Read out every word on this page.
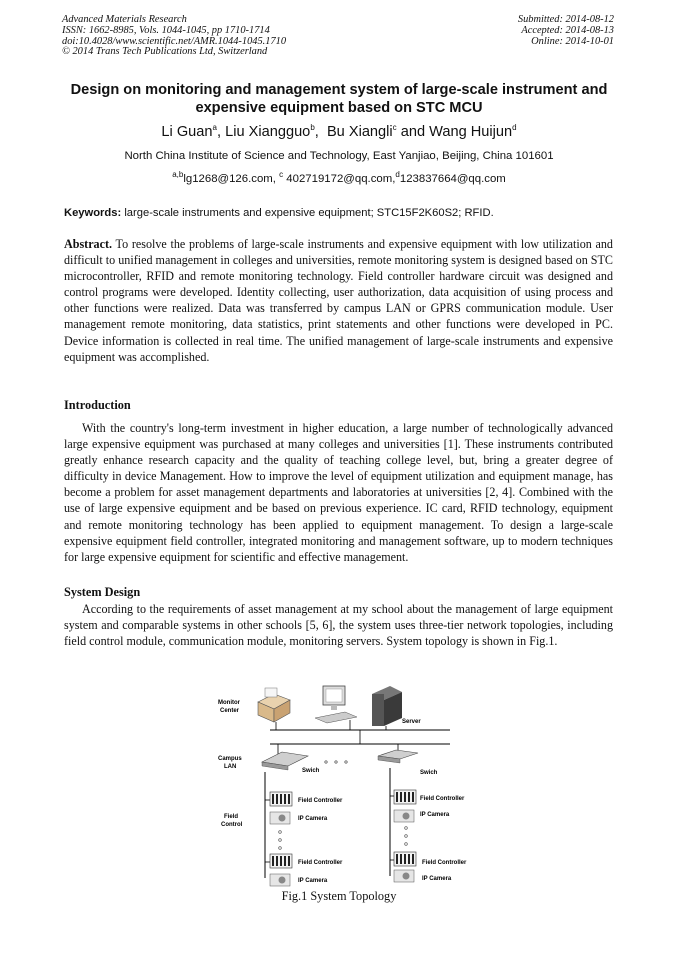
Advanced Materials Research
ISSN: 1662-8985, Vols. 1044-1045, pp 1710-1714
doi:10.4028/www.scientific.net/AMR.1044-1045.1710
© 2014 Trans Tech Publications Ltd, Switzerland
Submitted: 2014-08-12
Accepted: 2014-08-13
Online: 2014-10-01
Design on monitoring and management system of large-scale instrument and expensive equipment based on STC MCU
Li Guan$^a$, Liu Xiangguo$^b$,  Bu Xiangli$^c$ and Wang Huijun$^d$
North China Institute of Science and Technology, East Yanjiao, Beijing, China 101601
$^{a,b}$lg1268@126.com, $^c$ 402719172@qq.com,$^d$123837664@qq.com
Keywords: large-scale instruments and expensive equipment; STC15F2K60S2; RFID.
Abstract. To resolve the problems of large-scale instruments and expensive equipment with low utilization and difficult to unified management in colleges and universities, remote monitoring system is designed based on STC microcontroller, RFID and remote monitoring technology. Field controller hardware circuit was designed and control programs were developed. Identity collecting, user authorization, data acquisition of using process and other functions were realized. Data was transferred by campus LAN or GPRS communication module. User management remote monitoring, data statistics, print statements and other functions were developed in PC. Device information is collected in real time. The unified management of large-scale instruments and expensive equipment was accomplished.
Introduction
With the country's long-term investment in higher education, a large number of technologically advanced large expensive equipment was purchased at many colleges and universities [1]. These instruments contributed greatly enhance research capacity and the quality of teaching college level, but, bring a greater degree of difficulty in device Management. How to improve the level of equipment utilization and equipment manage, has become a problem for asset management departments and laboratories at universities [2, 4]. Combined with the use of large expensive equipment and be based on previous experience. IC card, RFID technology, equipment and remote monitoring technology has been applied to equipment management. To design a large-scale expensive equipment field controller, integrated monitoring and management software, up to modern techniques for large expensive equipment for scientific and effective management.
System Design
According to the requirements of asset management at my school about the management of large equipment system and comparable systems in other schools [5, 6], the system uses three-tier network topologies, including field control module, communication module, monitoring servers. System topology is shown in Fig.1.
Monitor
Center
Server
Campus
LAN
Swich	Swich
Field
Control
Field Controller
IP Camera
Field Controller
IP Camera
Field Controller
IP Camera
Field Controller
IP Camera
Fig.1 System Topology
